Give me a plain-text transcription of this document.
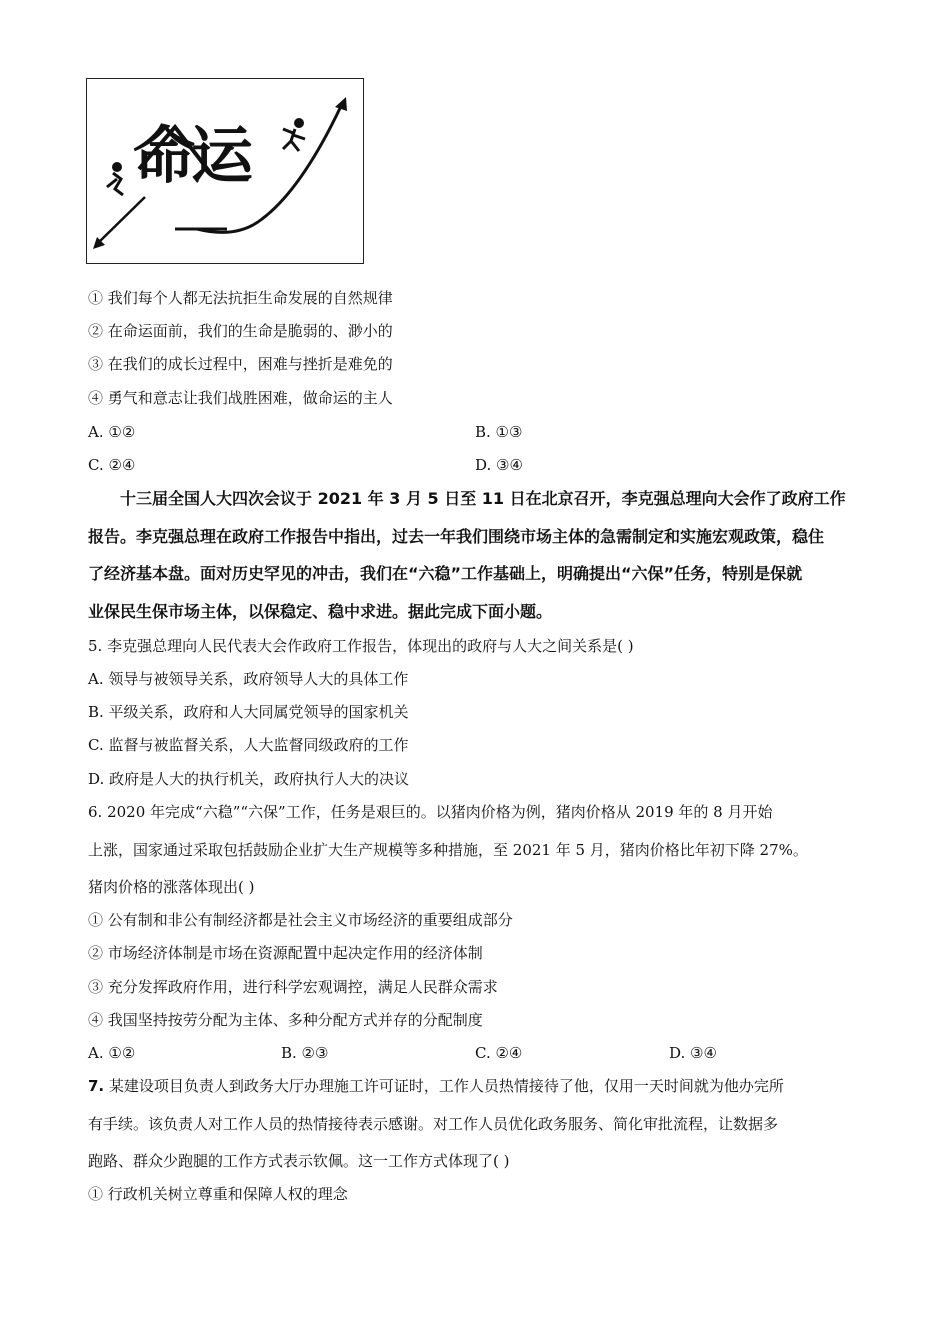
命运
① 我们每个人都无法抗拒生命发展的自然规律
② 在命运面前，我们的生命是脆弱的、渺小的
③ 在我们的成长过程中，困难与挫折是难免的
④ 勇气和意志让我们战胜困难，做命运的主人
A. ①②	B. ①③
C. ②④	D. ③④
十三届全国人大四次会议于 2021 年 3 月 5 日至 11 日在北京召开，李克强总理向大会作了政府工作
报告。李克强总理在政府工作报告中指出，过去一年我们围绕市场主体的急需制定和实施宏观政策，稳住
了经济基本盘。面对历史罕见的冲击，我们在“六稳”工作基础上，明确提出“六保”任务，特别是保就
业保民生保市场主体，以保稳定、稳中求进。据此完成下面小题。
5. 李克强总理向人民代表大会作政府工作报告，体现出的政府与人大之间关系是( )
A. 领导与被领导关系，政府领导人大的具体工作
B. 平级关系，政府和人大同属党领导的国家机关
C. 监督与被监督关系，人大监督同级政府的工作
D. 政府是人大的执行机关，政府执行人大的决议
6. 2020 年完成“六稳”“六保”工作，任务是艰巨的。以猪肉价格为例，猪肉价格从 2019 年的 8 月开始
上涨，国家通过采取包括鼓励企业扩大生产规模等多种措施，至 2021 年 5 月，猪肉价格比年初下降 27%。
猪肉价格的涨落体现出( )
① 公有制和非公有制经济都是社会主义市场经济的重要组成部分
② 市场经济体制是市场在资源配置中起决定作用的经济体制
③ 充分发挥政府作用，进行科学宏观调控，满足人民群众需求
④ 我国坚持按劳分配为主体、多种分配方式并存的分配制度
A. ①②	B. ②③	C. ②④	D. ③④
7. 某建设项目负责人到政务大厅办理施工许可证时，工作人员热情接待了他，仅用一天时间就为他办完所
有手续。该负责人对工作人员的热情接待表示感谢。对工作人员优化政务服务、简化审批流程，让数据多
跑路、群众少跑腿的工作方式表示钦佩。这一工作方式体现了( )
① 行政机关树立尊重和保障人权的理念
